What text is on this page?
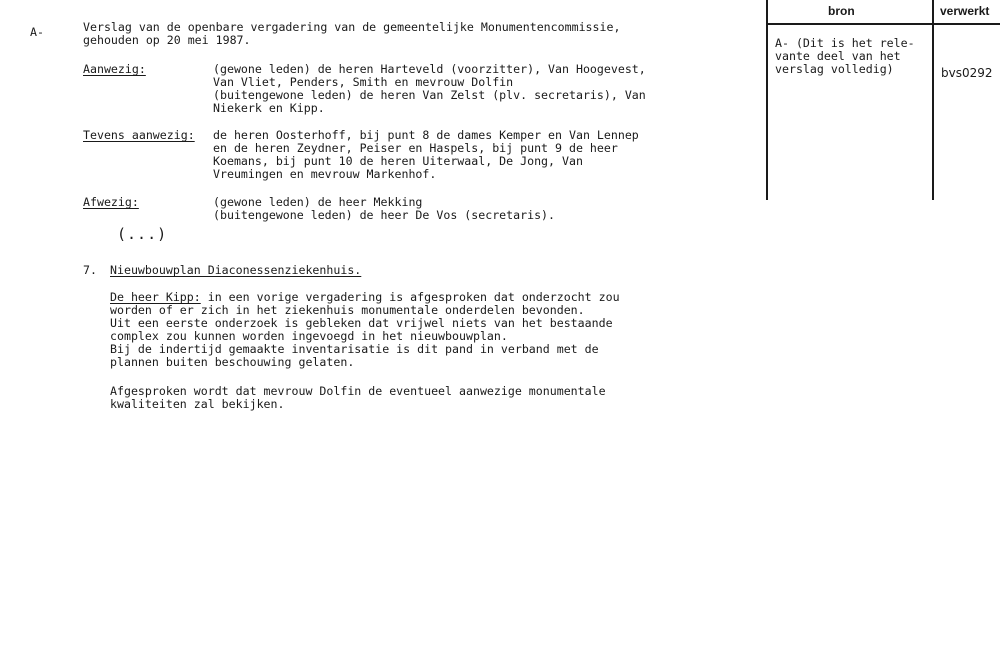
A-	Verslag van de openbare vergadering van de gemeentelijke Monumentencommissie,
gehouden op 20 mei 1987.
Aanwezig:	(gewone leden) de heren Harteveld (voorzitter), Van Hoogevest,
Van Vliet, Penders, Smith en mevrouw Dolfin
(buitengewone leden) de heren Van Zelst (plv. secretaris), Van
Niekerk en Kipp.
Tevens aanwezig: de heren Oosterhoff, bij punt 8 de dames Kemper en Van Lennep
en de heren Zeydner, Peiser en Haspels, bij punt 9 de heer
Koemans, bij punt 10 de heren Uiterwaal, De Jong, Van
Vreumingen en mevrouw Markenhof.
Afwezig:	(gewone leden) de heer Mekking
(buitengewone leden) de heer De Vos (secretaris).
(...)
7. Nieuwbouwplan Diaconessenziekenhuis.
De heer Kipp: in een vorige vergadering is afgesproken dat onderzocht zou
worden of er zich in het ziekenhuis monumentale onderdelen bevonden.
Uit een eerste onderzoek is gebleken dat vrijwel niets van het bestaande
complex zou kunnen worden ingevoegd in het nieuwbouwplan.
Bij de indertijd gemaakte inventarisatie is dit pand in verband met de
plannen buiten beschouwing gelaten.
Afgesproken wordt dat mevrouw Dolfin de eventueel aanwezige monumentale
kwaliteiten zal bekijken.
bron	verwerkt
A- (Dit is het rele-
vante deel van het
verslag volledig)	bvs0292
